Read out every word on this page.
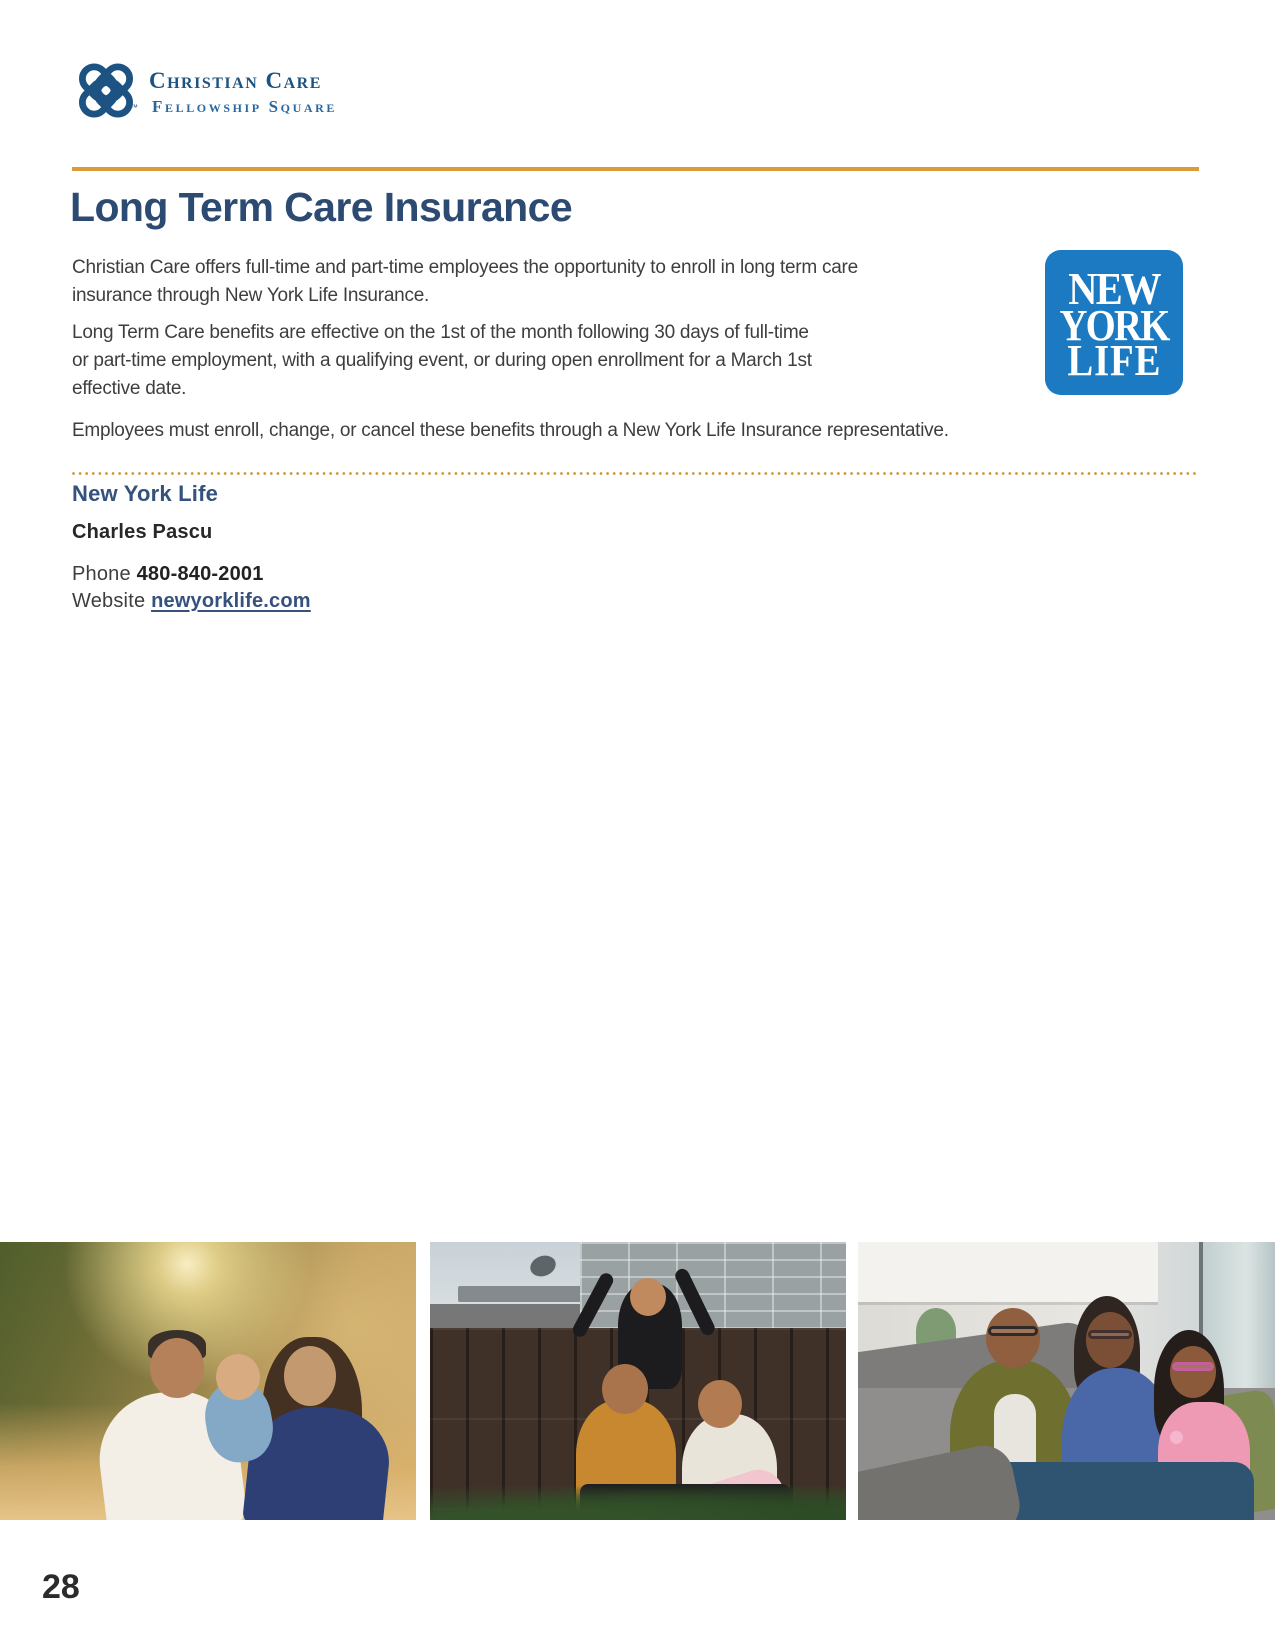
™
Christian Care
Fellowship Square
Long Term Care Insurance
Christian Care offers full-time and part-time employees the opportunity to enroll in long term care
insurance through New York Life Insurance.
Long Term Care benefits are effective on the 1st of the month following 30 days of full-time
or part-time employment, with a qualifying event, or during open enrollment for a March 1st
effective date.
Employees must enroll, change, or cancel these benefits through a New York Life Insurance representative.
NEW
YORK
LIFE
New York Life
Charles Pascu
Phone 480-840-2001
Website newyorklife.com
28
